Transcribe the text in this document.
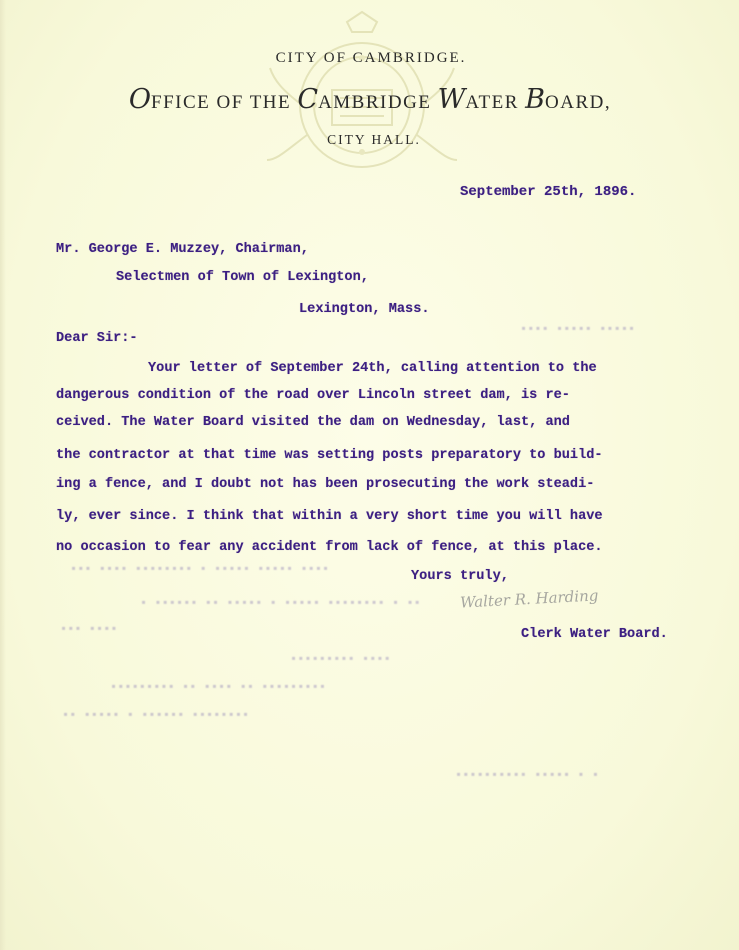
CITY OF CAMBRIDGE.
OFFICE OF THE CAMBRIDGE WATER BOARD,
CITY HALL.
September 25th, 1896.
Mr. George E. Muzzey, Chairman,
Selectmen of Town of Lexington,
Lexington, Mass.
Dear Sir:-
Your letter of September 24th, calling attention to the
dangerous condition of the road over Lincoln street dam, is re-
ceived. The Water Board visited the dam on Wednesday, last, and
the contractor at that time was setting posts preparatory to build-
ing a fence, and I doubt not has been prosecuting the work steadi-
ly, ever since. I think that within a very short time you will have
no occasion to fear any accident from lack of fence, at this place.
Yours truly,
Walter R. Harding
Clerk Water Board.
▪▪▪▪ ▪▪▪▪▪ ▪▪▪▪▪
▪▪▪ ▪▪▪▪ ▪▪▪▪▪▪▪▪ ▪ ▪▪▪▪▪ ▪▪▪▪▪ ▪▪▪▪
▪ ▪▪▪▪▪▪ ▪▪ ▪▪▪▪▪ ▪ ▪▪▪▪▪ ▪▪▪▪▪▪▪▪ ▪ ▪▪
▪▪▪ ▪▪▪▪
▪▪▪▪▪▪▪▪▪ ▪▪▪▪
▪▪▪▪▪▪▪▪▪ ▪▪ ▪▪▪▪ ▪▪ ▪▪▪▪▪▪▪▪▪
▪▪ ▪▪▪▪▪ ▪ ▪▪▪▪▪▪ ▪▪▪▪▪▪▪▪
▪▪▪▪▪▪▪▪▪▪ ▪▪▪▪▪ ▪ ▪
